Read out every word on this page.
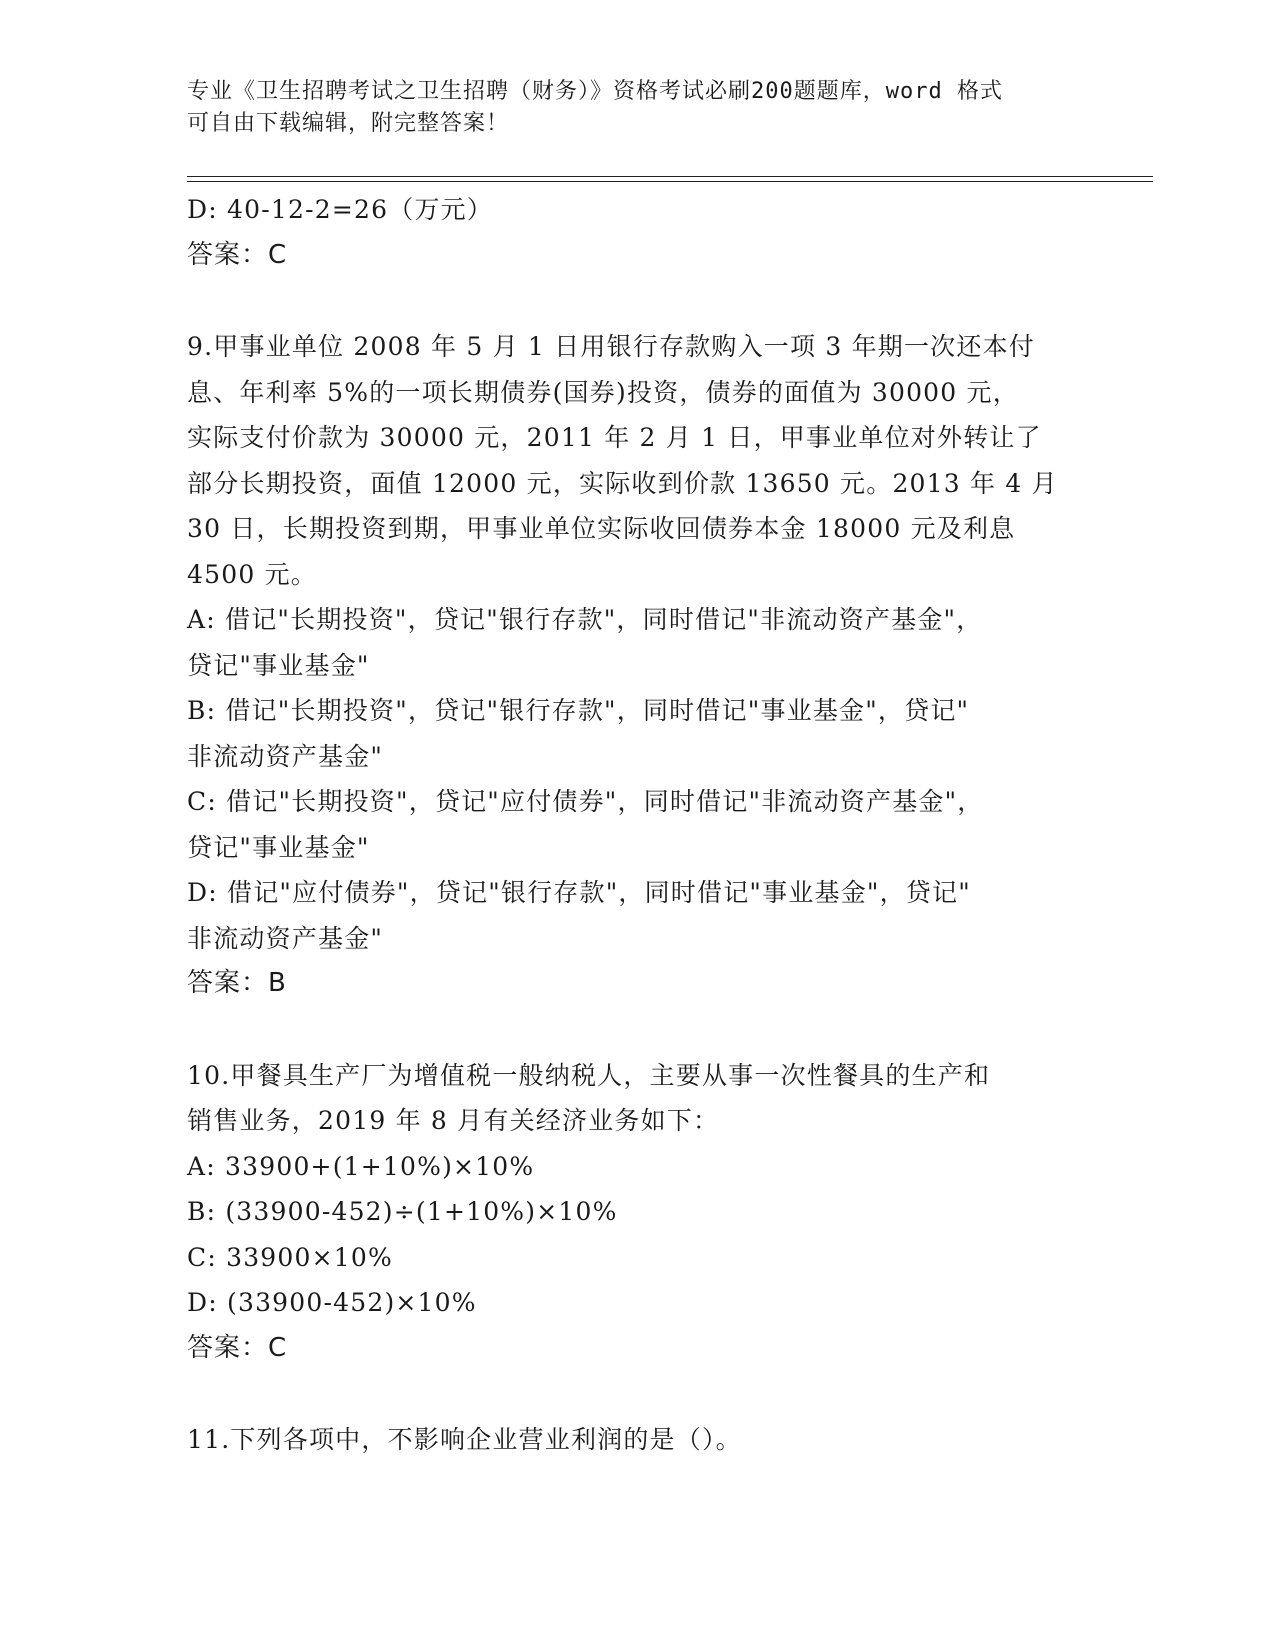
专业《卫生招聘考试之卫生招聘（财务）》资格考试必刷200题题库，word 格式
可自由下载编辑，附完整答案！
D: 40-12-2=26（万元）
答案：C
9.甲事业单位 2008 年 5 月 1 日用银行存款购入一项 3 年期一次还本付
息、年利率 5%的一项长期债券(国券)投资，债券的面值为 30000 元，
实际支付价款为 30000 元，2011 年 2 月 1 日，甲事业单位对外转让了
部分长期投资，面值 12000 元，实际收到价款 13650 元。2013 年 4 月
30 日，长期投资到期，甲事业单位实际收回债券本金 18000 元及利息
4500 元。
A: 借记"长期投资"，贷记"银行存款"，同时借记"非流动资产基金"，
贷记"事业基金"
B: 借记"长期投资"，贷记"银行存款"，同时借记"事业基金"，贷记"
非流动资产基金"
C: 借记"长期投资"，贷记"应付债券"，同时借记"非流动资产基金"，
贷记"事业基金"
D: 借记"应付债券"，贷记"银行存款"，同时借记"事业基金"，贷记"
非流动资产基金"
答案：B
10.甲餐具生产厂为增值税一般纳税人，主要从事一次性餐具的生产和
销售业务，2019 年 8 月有关经济业务如下：
A: 33900+(1+10%)×10%
B: (33900-452)÷(1+10%)×10%
C: 33900×10%
D: (33900-452)×10%
答案：C
11.下列各项中，不影响企业营业利润的是（）。
